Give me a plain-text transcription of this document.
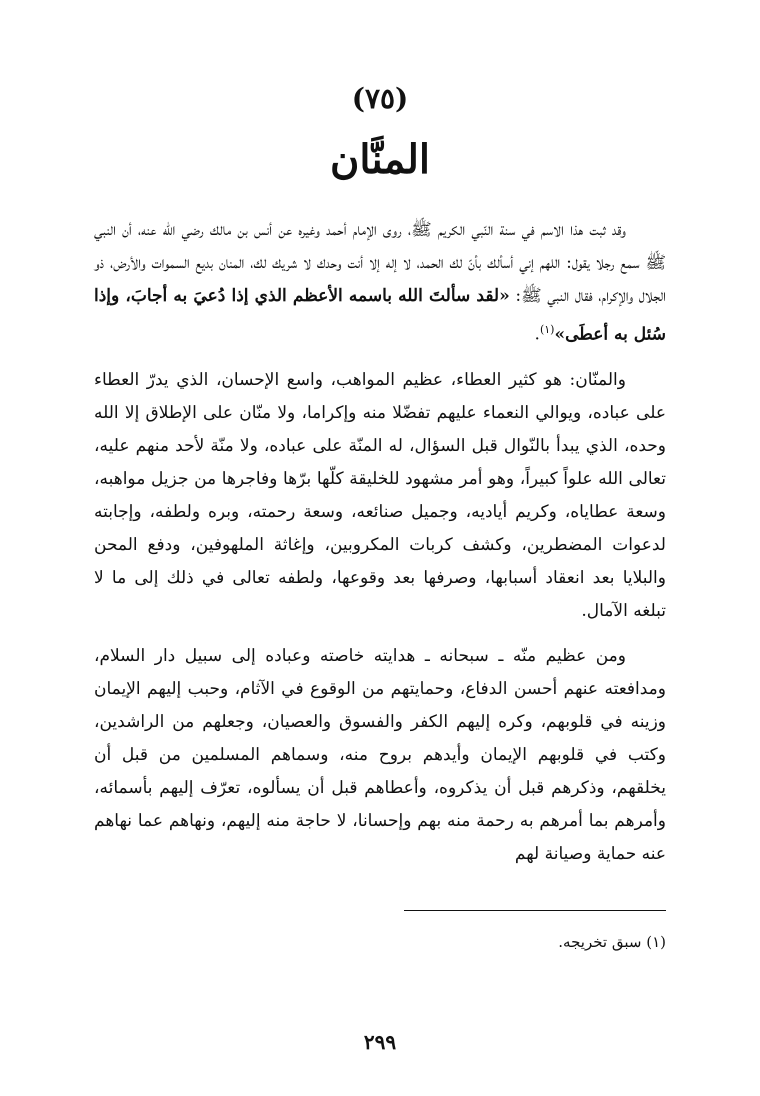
(٧٥)
المنَّان

وقد ثبت هذا الاسم في سنة النّبي الكريم ﷺ، روى الإمام أحمد وغيره عن أنس بن مالك رضي الله عنه، أن النبي ﷺ سمع رجلا يقول: اللهم إني أسألك بأنّ لك الحمد، لا إله إلا أنت وحدك لا شريك لك، المنان بديع السموات والأرض، ذو الجلال والإكرام، فقال النبي ﷺ: «لقد سألتَ الله باسمه الأعظم الذي إذا دُعيَ به أجابَ، وإذا سُئل به أعطَى»$^{(١)}$.

والمنّان: هو كثير العطاء، عظيم المواهب، واسع الإحسان، الذي يدرّ العطاء على عباده، ويوالي النعماء عليهم تفضّلا منه وإكراما، ولا منّان على الإطلاق إلا الله وحده، الذي يبدأ بالنّوال قبل السؤال، له المنّة على عباده، ولا منّة لأحد منهم عليه، تعالى الله علواً كبيراً، وهو أمر مشهود للخليقة كلّها برّها وفاجرها من جزيل مواهبه، وسعة عطاياه، وكريم أياديه، وجميل صنائعه، وسعة رحمته، وبره ولطفه، وإجابته لدعوات المضطرين، وكشف كربات المكروبين، وإغاثة الملهوفين، ودفع المحن والبلايا بعد انعقاد أسبابها، وصرفها بعد وقوعها، ولطفه تعالى في ذلك إلى ما لا تبلغه الآمال.

ومن عظيم منّه ـ سبحانه ـ هدايته خاصته وعباده إلى سبيل دار السلام، ومدافعته عنهم أحسن الدفاع، وحمايتهم من الوقوع في الآثام، وحبب إليهم الإيمان وزينه في قلوبهم، وكره إليهم الكفر والفسوق والعصيان، وجعلهم من الراشدين، وكتب في قلوبهم الإيمان وأيدهم بروح منه، وسماهم المسلمين من قبل أن يخلقهم، وذكرهم قبل أن يذكروه، وأعطاهم قبل أن يسألوه، تعرّف إليهم بأسمائه، وأمرهم بما أمرهم به رحمة منه بهم وإحسانا، لا حاجة منه إليهم، ونهاهم عما نهاهم عنه حماية وصيانة لهم

(١) سبق تخريجه.
٢٩٩
